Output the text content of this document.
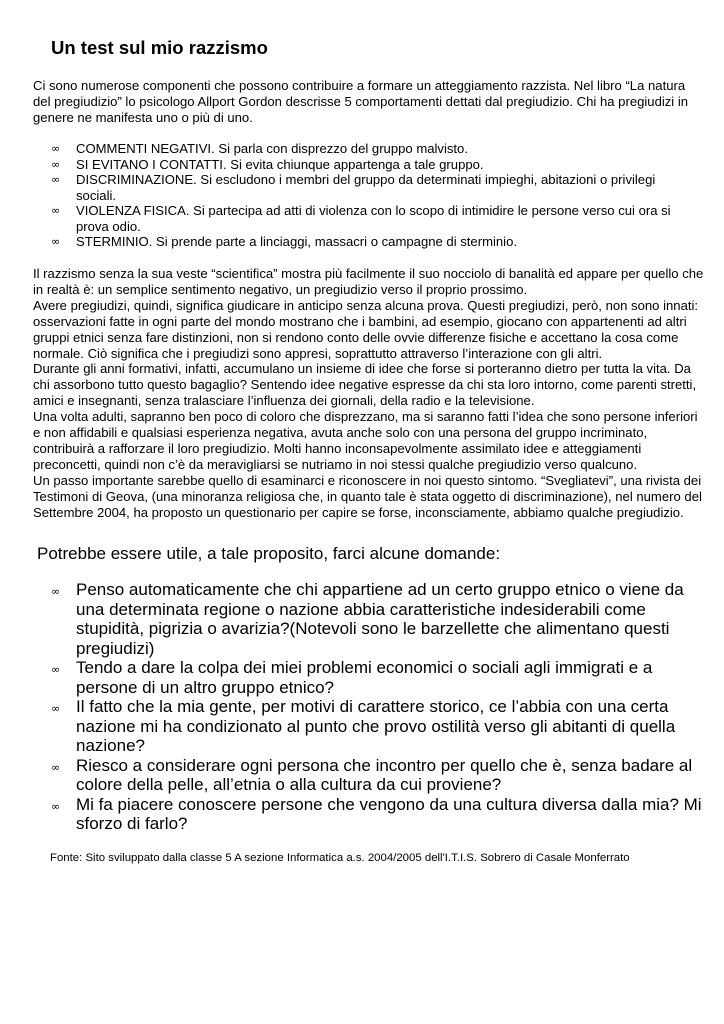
Un test sul mio razzismo

Ci sono numerose componenti che possono contribuire a formare un atteggiamento razzista. Nel libro “La natura del pregiudizio” lo psicologo Allport Gordon descrisse 5 comportamenti dettati dal pregiudizio. Chi ha pregiudizi in genere ne manifesta uno o più di uno.

∞ COMMENTI NEGATIVI. Si parla con disprezzo del gruppo malvisto.
∞ SI EVITANO I CONTATTI. Si evita chiunque appartenga a tale gruppo.
∞ DISCRIMINAZIONE. Si escludono i membri del gruppo da determinati impieghi, abitazioni o privilegi sociali.
∞ VIOLENZA FISICA. Si partecipa ad atti di violenza con lo scopo di intimidire le persone verso cui ora si prova odio.
∞ STERMINIO. Si prende parte a linciaggi, massacri o campagne di sterminio.

Il razzismo senza la sua veste “scientifica” mostra più facilmente il suo nocciolo di banalità ed appare per quello che in realtà è: un semplice sentimento negativo, un pregiudizio verso il proprio prossimo.

Avere pregiudizi, quindi, significa giudicare in anticipo senza alcuna prova. Questi pregiudizi, però, non sono innati: osservazioni fatte in ogni parte del mondo mostrano che i bambini, ad esempio, giocano con appartenenti ad altri gruppi etnici senza fare distinzioni, non si rendono conto delle ovvie differenze fisiche e accettano la cosa come normale. Ciò significa che i pregiudizi sono appresi, soprattutto attraverso l’interazione con gli altri.

Durante gli anni formativi, infatti, accumulano un insieme di idee che forse si porteranno dietro per tutta la vita. Da chi assorbono tutto questo bagaglio? Sentendo idee negative espresse da chi sta loro intorno, come parenti stretti, amici e insegnanti, senza tralasciare l’influenza dei giornali, della radio e la televisione.

Una volta adulti, sapranno ben poco di coloro che disprezzano, ma si saranno fatti l’idea che sono persone inferiori e non affidabili e qualsiasi esperienza negativa, avuta anche solo con una persona del gruppo incriminato, contribuirà a rafforzare il loro pregiudizio. Molti hanno inconsapevolmente assimilato idee e atteggiamenti preconcetti, quindi non c’è da meravigliarsi se nutriamo in noi stessi qualche pregiudizio verso qualcuno.

Un passo importante sarebbe quello di esaminarci e riconoscere in noi questo sintomo. “Svegliatevi”, una rivista dei Testimoni di Geova, (una minoranza religiosa che, in quanto tale è stata oggetto di discriminazione), nel numero del Settembre 2004, ha proposto un questionario per capire se forse, inconsciamente, abbiamo qualche pregiudizio.

Potrebbe essere utile, a tale proposito, farci alcune domande:

∞ Penso automaticamente che chi appartiene ad un certo gruppo etnico o viene da una determinata regione o nazione abbia caratteristiche indesiderabili come stupidità, pigrizia o avarizia?(Notevoli sono le barzellette che alimentano questi pregiudizi)
∞ Tendo a dare la colpa dei miei problemi economici o sociali agli immigrati e a persone di un altro gruppo etnico?
∞ Il fatto che la mia gente, per motivi di carattere storico, ce l’abbia con una certa nazione mi ha condizionato al punto che provo ostilità verso gli abitanti di quella nazione?
∞ Riesco a considerare ogni persona che incontro per quello che è, senza badare al colore della pelle, all’etnia o alla cultura da cui proviene?
∞ Mi fa piacere conoscere persone che vengono da una cultura diversa dalla mia? Mi sforzo di farlo?

Fonte: Sito sviluppato dalla classe 5 A sezione Informatica a.s. 2004/2005 dell'I.T.I.S. Sobrero di Casale Monferrato
